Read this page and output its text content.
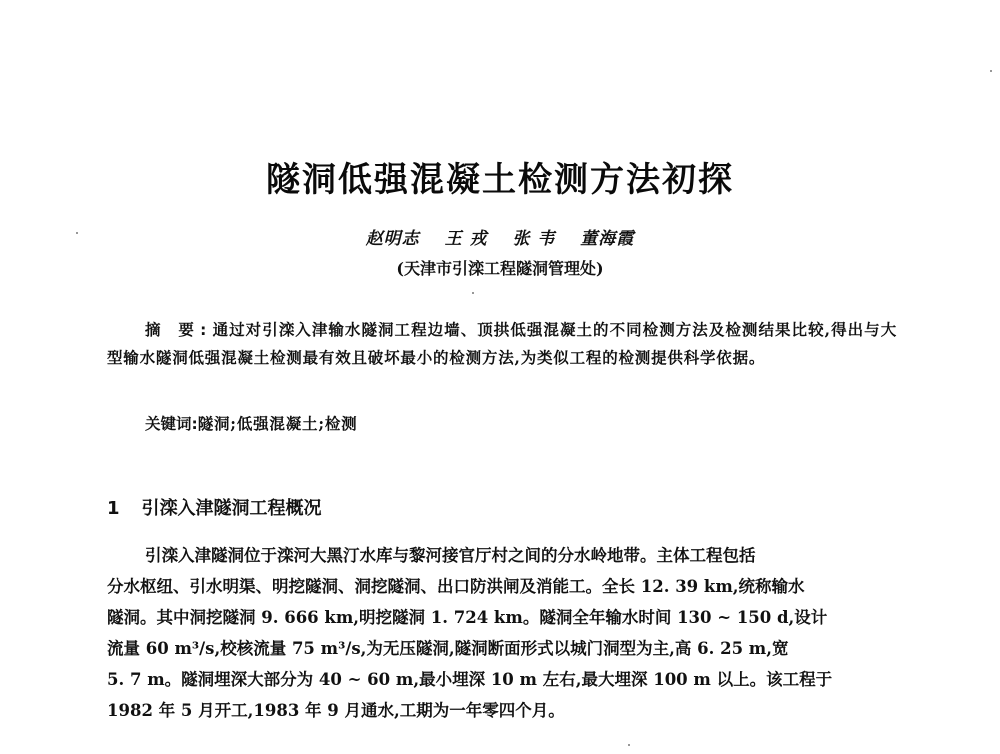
隧洞低强混凝土检测方法初探
赵明志 王 戎 张 韦 董海霞
(天津市引滦工程隧洞管理处)
摘 要:通过对引滦入津输水隧洞工程边墙、顶拱低强混凝土的不同检测方法及检测结果比较,得出与大型输水隧洞低强混凝土检测最有效且破坏最小的检测方法,为类似工程的检测提供科学依据。
关键词:隧洞;低强混凝土;检测
1 引滦入津隧洞工程概况
引滦入津隧洞位于滦河大黑汀水库与黎河接官厅村之间的分水岭地带。主体工程包括
分水枢纽、引水明渠、明挖隧洞、洞挖隧洞、出口防洪闸及消能工。全长 12. 39 km,统称输水
隧洞。其中洞挖隧洞 9. 666 km,明挖隧洞 1. 724 km。隧洞全年输水时间 130 ~ 150 d,设计
流量 60 m³/s,校核流量 75 m³/s,为无压隧洞,隧洞断面形式以城门洞型为主,高 6. 25 m,宽
5. 7 m。隧洞埋深大部分为 40 ~ 60 m,最小埋深 10 m 左右,最大埋深 100 m 以上。该工程于
1982 年 5 月开工,1983 年 9 月通水,工期为一年零四个月。
